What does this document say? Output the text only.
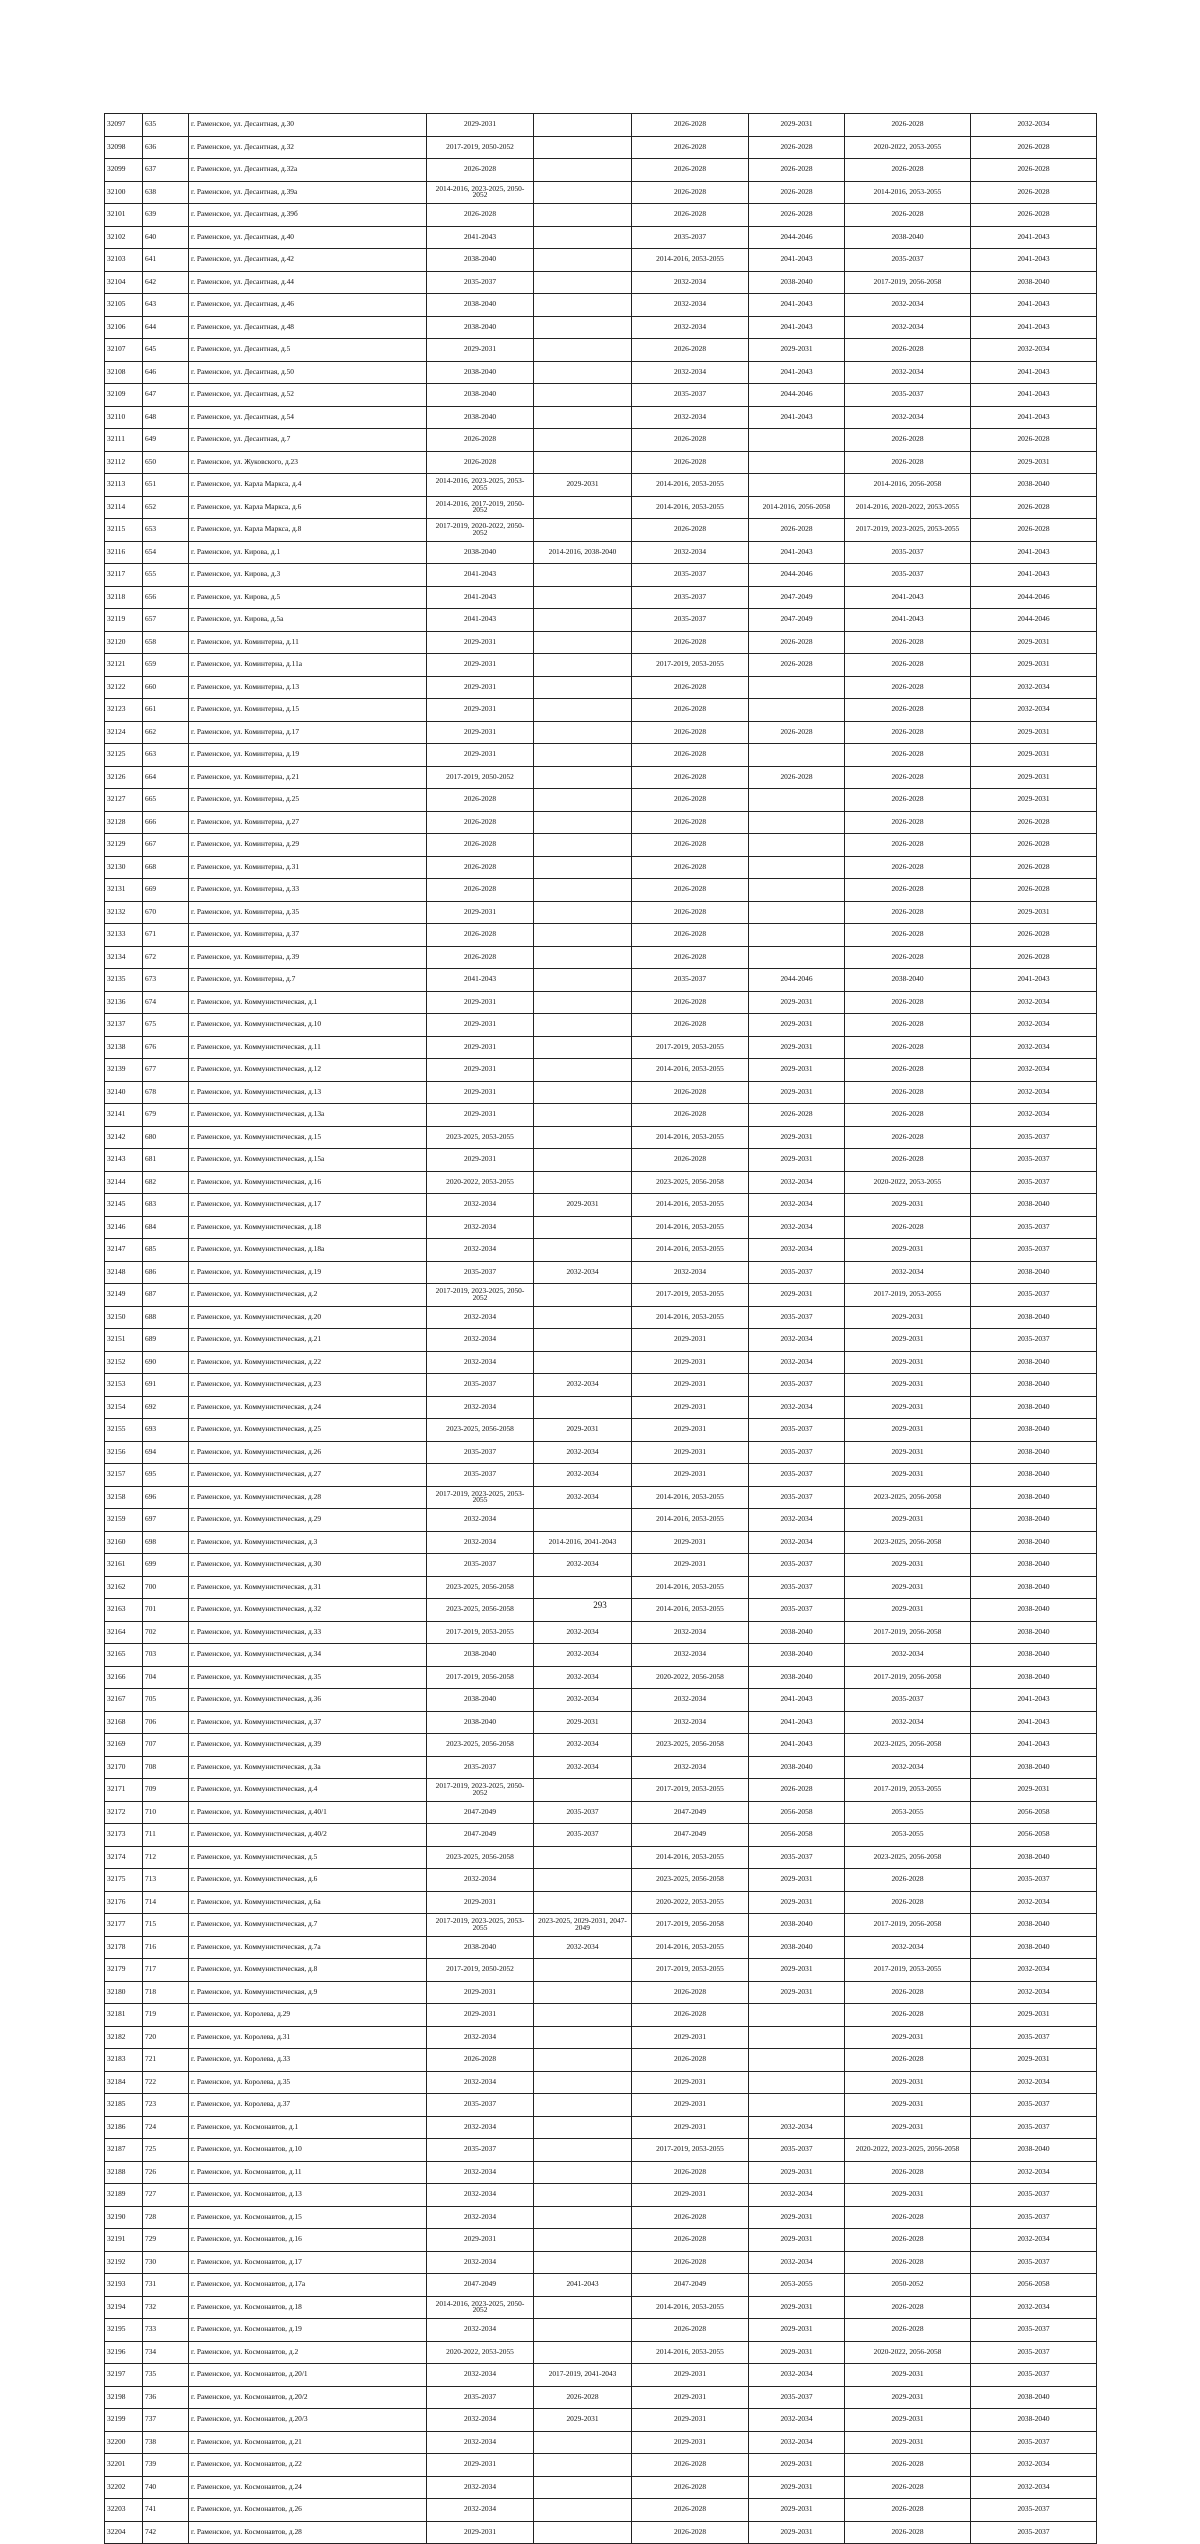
32097	635	г. Раменское, ул. Десантная, д.30	2029-2031		2026-2028	2029-2031	2026-2028	2032-2034
32098	636	г. Раменское, ул. Десантная, д.32	2017-2019, 2050-2052		2026-2028	2026-2028	2020-2022, 2053-2055	2026-2028
32099	637	г. Раменское, ул. Десантная, д.32а	2026-2028		2026-2028	2026-2028	2026-2028	2026-2028
32100	638	г. Раменское, ул. Десантная, д.39а	2014-2016, 2023-2025, 2050-2052		2026-2028	2026-2028	2014-2016, 2053-2055	2026-2028
32101	639	г. Раменское, ул. Десантная, д.39б	2026-2028		2026-2028	2026-2028	2026-2028	2026-2028
32102	640	г. Раменское, ул. Десантная, д.40	2041-2043		2035-2037	2044-2046	2038-2040	2041-2043
32103	641	г. Раменское, ул. Десантная, д.42	2038-2040		2014-2016, 2053-2055	2041-2043	2035-2037	2041-2043
32104	642	г. Раменское, ул. Десантная, д.44	2035-2037		2032-2034	2038-2040	2017-2019, 2056-2058	2038-2040
32105	643	г. Раменское, ул. Десантная, д.46	2038-2040		2032-2034	2041-2043	2032-2034	2041-2043
32106	644	г. Раменское, ул. Десантная, д.48	2038-2040		2032-2034	2041-2043	2032-2034	2041-2043
32107	645	г. Раменское, ул. Десантная, д.5	2029-2031		2026-2028	2029-2031	2026-2028	2032-2034
32108	646	г. Раменское, ул. Десантная, д.50	2038-2040		2032-2034	2041-2043	2032-2034	2041-2043
32109	647	г. Раменское, ул. Десантная, д.52	2038-2040		2035-2037	2044-2046	2035-2037	2041-2043
32110	648	г. Раменское, ул. Десантная, д.54	2038-2040		2032-2034	2041-2043	2032-2034	2041-2043
32111	649	г. Раменское, ул. Десантная, д.7	2026-2028		2026-2028		2026-2028	2026-2028
32112	650	г. Раменское, ул. Жуковского, д.23	2026-2028		2026-2028		2026-2028	2029-2031
32113	651	г. Раменское, ул. Карла Маркса, д.4	2014-2016, 2023-2025, 2053-2055	2029-2031	2014-2016, 2053-2055		2014-2016, 2056-2058	2038-2040
32114	652	г. Раменское, ул. Карла Маркса, д.6	2014-2016, 2017-2019, 2050-2052		2014-2016, 2053-2055	2014-2016, 2056-2058	2014-2016, 2020-2022, 2053-2055	2026-2028
32115	653	г. Раменское, ул. Карла Маркса, д.8	2017-2019, 2020-2022, 2050-2052		2026-2028	2026-2028	2017-2019, 2023-2025, 2053-2055	2026-2028
32116	654	г. Раменское, ул. Кирова, д.1	2038-2040	2014-2016, 2038-2040	2032-2034	2041-2043	2035-2037	2041-2043
32117	655	г. Раменское, ул. Кирова, д.3	2041-2043		2035-2037	2044-2046	2035-2037	2041-2043
32118	656	г. Раменское, ул. Кирова, д.5	2041-2043		2035-2037	2047-2049	2041-2043	2044-2046
32119	657	г. Раменское, ул. Кирова, д.5а	2041-2043		2035-2037	2047-2049	2041-2043	2044-2046
32120	658	г. Раменское, ул. Коминтерна, д.11	2029-2031		2026-2028	2026-2028	2026-2028	2029-2031
32121	659	г. Раменское, ул. Коминтерна, д.11а	2029-2031		2017-2019, 2053-2055	2026-2028	2026-2028	2029-2031
32122	660	г. Раменское, ул. Коминтерна, д.13	2029-2031		2026-2028		2026-2028	2032-2034
32123	661	г. Раменское, ул. Коминтерна, д.15	2029-2031		2026-2028		2026-2028	2032-2034
32124	662	г. Раменское, ул. Коминтерна, д.17	2029-2031		2026-2028	2026-2028	2026-2028	2029-2031
32125	663	г. Раменское, ул. Коминтерна, д.19	2029-2031		2026-2028		2026-2028	2029-2031
32126	664	г. Раменское, ул. Коминтерна, д.21	2017-2019, 2050-2052		2026-2028	2026-2028	2026-2028	2029-2031
32127	665	г. Раменское, ул. Коминтерна, д.25	2026-2028		2026-2028		2026-2028	2029-2031
32128	666	г. Раменское, ул. Коминтерна, д.27	2026-2028		2026-2028		2026-2028	2026-2028
32129	667	г. Раменское, ул. Коминтерна, д.29	2026-2028		2026-2028		2026-2028	2026-2028
32130	668	г. Раменское, ул. Коминтерна, д.31	2026-2028		2026-2028		2026-2028	2026-2028
32131	669	г. Раменское, ул. Коминтерна, д.33	2026-2028		2026-2028		2026-2028	2026-2028
32132	670	г. Раменское, ул. Коминтерна, д.35	2029-2031		2026-2028		2026-2028	2029-2031
32133	671	г. Раменское, ул. Коминтерна, д.37	2026-2028		2026-2028		2026-2028	2026-2028
32134	672	г. Раменское, ул. Коминтерна, д.39	2026-2028		2026-2028		2026-2028	2026-2028
32135	673	г. Раменское, ул. Коминтерна, д.7	2041-2043		2035-2037	2044-2046	2038-2040	2041-2043
32136	674	г. Раменское, ул. Коммунистическая, д.1	2029-2031		2026-2028	2029-2031	2026-2028	2032-2034
32137	675	г. Раменское, ул. Коммунистическая, д.10	2029-2031		2026-2028	2029-2031	2026-2028	2032-2034
32138	676	г. Раменское, ул. Коммунистическая, д.11	2029-2031		2017-2019, 2053-2055	2029-2031	2026-2028	2032-2034
32139	677	г. Раменское, ул. Коммунистическая, д.12	2029-2031		2014-2016, 2053-2055	2029-2031	2026-2028	2032-2034
32140	678	г. Раменское, ул. Коммунистическая, д.13	2029-2031		2026-2028	2029-2031	2026-2028	2032-2034
32141	679	г. Раменское, ул. Коммунистическая, д.13а	2029-2031		2026-2028	2026-2028	2026-2028	2032-2034
32142	680	г. Раменское, ул. Коммунистическая, д.15	2023-2025, 2053-2055		2014-2016, 2053-2055	2029-2031	2026-2028	2035-2037
32143	681	г. Раменское, ул. Коммунистическая, д.15а	2029-2031		2026-2028	2029-2031	2026-2028	2035-2037
32144	682	г. Раменское, ул. Коммунистическая, д.16	2020-2022, 2053-2055		2023-2025, 2056-2058	2032-2034	2020-2022, 2053-2055	2035-2037
32145	683	г. Раменское, ул. Коммунистическая, д.17	2032-2034	2029-2031	2014-2016, 2053-2055	2032-2034	2029-2031	2038-2040
32146	684	г. Раменское, ул. Коммунистическая, д.18	2032-2034		2014-2016, 2053-2055	2032-2034	2026-2028	2035-2037
32147	685	г. Раменское, ул. Коммунистическая, д.18а	2032-2034		2014-2016, 2053-2055	2032-2034	2029-2031	2035-2037
32148	686	г. Раменское, ул. Коммунистическая, д.19	2035-2037	2032-2034	2032-2034	2035-2037	2032-2034	2038-2040
32149	687	г. Раменское, ул. Коммунистическая, д.2	2017-2019, 2023-2025, 2050-2052		2017-2019, 2053-2055	2029-2031	2017-2019, 2053-2055	2035-2037
32150	688	г. Раменское, ул. Коммунистическая, д.20	2032-2034		2014-2016, 2053-2055	2035-2037	2029-2031	2038-2040
32151	689	г. Раменское, ул. Коммунистическая, д.21	2032-2034		2029-2031	2032-2034	2029-2031	2035-2037
32152	690	г. Раменское, ул. Коммунистическая, д.22	2032-2034		2029-2031	2032-2034	2029-2031	2038-2040
32153	691	г. Раменское, ул. Коммунистическая, д.23	2035-2037	2032-2034	2029-2031	2035-2037	2029-2031	2038-2040
32154	692	г. Раменское, ул. Коммунистическая, д.24	2032-2034		2029-2031	2032-2034	2029-2031	2038-2040
32155	693	г. Раменское, ул. Коммунистическая, д.25	2023-2025, 2056-2058	2029-2031	2029-2031	2035-2037	2029-2031	2038-2040
32156	694	г. Раменское, ул. Коммунистическая, д.26	2035-2037	2032-2034	2029-2031	2035-2037	2029-2031	2038-2040
32157	695	г. Раменское, ул. Коммунистическая, д.27	2035-2037	2032-2034	2029-2031	2035-2037	2029-2031	2038-2040
32158	696	г. Раменское, ул. Коммунистическая, д.28	2017-2019, 2023-2025, 2053-2055	2032-2034	2014-2016, 2053-2055	2035-2037	2023-2025, 2056-2058	2038-2040
32159	697	г. Раменское, ул. Коммунистическая, д.29	2032-2034		2014-2016, 2053-2055	2032-2034	2029-2031	2038-2040
32160	698	г. Раменское, ул. Коммунистическая, д.3	2032-2034	2014-2016, 2041-2043	2029-2031	2032-2034	2023-2025, 2056-2058	2038-2040
32161	699	г. Раменское, ул. Коммунистическая, д.30	2035-2037	2032-2034	2029-2031	2035-2037	2029-2031	2038-2040
32162	700	г. Раменское, ул. Коммунистическая, д.31	2023-2025, 2056-2058		2014-2016, 2053-2055	2035-2037	2029-2031	2038-2040
32163	701	г. Раменское, ул. Коммунистическая, д.32	2023-2025, 2056-2058		2014-2016, 2053-2055	2035-2037	2029-2031	2038-2040
32164	702	г. Раменское, ул. Коммунистическая, д.33	2017-2019, 2053-2055	2032-2034	2032-2034	2038-2040	2017-2019, 2056-2058	2038-2040
32165	703	г. Раменское, ул. Коммунистическая, д.34	2038-2040	2032-2034	2032-2034	2038-2040	2032-2034	2038-2040
32166	704	г. Раменское, ул. Коммунистическая, д.35	2017-2019, 2056-2058	2032-2034	2020-2022, 2056-2058	2038-2040	2017-2019, 2056-2058	2038-2040
32167	705	г. Раменское, ул. Коммунистическая, д.36	2038-2040	2032-2034	2032-2034	2041-2043	2035-2037	2041-2043
32168	706	г. Раменское, ул. Коммунистическая, д.37	2038-2040	2029-2031	2032-2034	2041-2043	2032-2034	2041-2043
32169	707	г. Раменское, ул. Коммунистическая, д.39	2023-2025, 2056-2058	2032-2034	2023-2025, 2056-2058	2041-2043	2023-2025, 2056-2058	2041-2043
32170	708	г. Раменское, ул. Коммунистическая, д.3а	2035-2037	2032-2034	2032-2034	2038-2040	2032-2034	2038-2040
32171	709	г. Раменское, ул. Коммунистическая, д.4	2017-2019, 2023-2025, 2050-2052		2017-2019, 2053-2055	2026-2028	2017-2019, 2053-2055	2029-2031
32172	710	г. Раменское, ул. Коммунистическая, д.40/1	2047-2049	2035-2037	2047-2049	2056-2058	2053-2055	2056-2058
32173	711	г. Раменское, ул. Коммунистическая, д.40/2	2047-2049	2035-2037	2047-2049	2056-2058	2053-2055	2056-2058
32174	712	г. Раменское, ул. Коммунистическая, д.5	2023-2025, 2056-2058		2014-2016, 2053-2055	2035-2037	2023-2025, 2056-2058	2038-2040
32175	713	г. Раменское, ул. Коммунистическая, д.6	2032-2034		2023-2025, 2056-2058	2029-2031	2026-2028	2035-2037
32176	714	г. Раменское, ул. Коммунистическая, д.6а	2029-2031		2020-2022, 2053-2055	2029-2031	2026-2028	2032-2034
32177	715	г. Раменское, ул. Коммунистическая, д.7	2017-2019, 2023-2025, 2053-2055	2023-2025, 2029-2031, 2047-2049	2017-2019, 2056-2058	2038-2040	2017-2019, 2056-2058	2038-2040
32178	716	г. Раменское, ул. Коммунистическая, д.7а	2038-2040	2032-2034	2014-2016, 2053-2055	2038-2040	2032-2034	2038-2040
32179	717	г. Раменское, ул. Коммунистическая, д.8	2017-2019, 2050-2052		2017-2019, 2053-2055	2029-2031	2017-2019, 2053-2055	2032-2034
32180	718	г. Раменское, ул. Коммунистическая, д.9	2029-2031		2026-2028	2029-2031	2026-2028	2032-2034
32181	719	г. Раменское, ул. Королева, д.29	2029-2031		2026-2028		2026-2028	2029-2031
32182	720	г. Раменское, ул. Королева, д.31	2032-2034		2029-2031		2029-2031	2035-2037
32183	721	г. Раменское, ул. Королева, д.33	2026-2028		2026-2028		2026-2028	2029-2031
32184	722	г. Раменское, ул. Королева, д.35	2032-2034		2029-2031		2029-2031	2032-2034
32185	723	г. Раменское, ул. Королева, д.37	2035-2037		2029-2031		2029-2031	2035-2037
32186	724	г. Раменское, ул. Космонавтов, д.1	2032-2034		2029-2031	2032-2034	2029-2031	2035-2037
32187	725	г. Раменское, ул. Космонавтов, д.10	2035-2037		2017-2019, 2053-2055	2035-2037	2020-2022, 2023-2025, 2056-2058	2038-2040
32188	726	г. Раменское, ул. Космонавтов, д.11	2032-2034		2026-2028	2029-2031	2026-2028	2032-2034
32189	727	г. Раменское, ул. Космонавтов, д.13	2032-2034		2029-2031	2032-2034	2029-2031	2035-2037
32190	728	г. Раменское, ул. Космонавтов, д.15	2032-2034		2026-2028	2029-2031	2026-2028	2035-2037
32191	729	г. Раменское, ул. Космонавтов, д.16	2029-2031		2026-2028	2029-2031	2026-2028	2032-2034
32192	730	г. Раменское, ул. Космонавтов, д.17	2032-2034		2026-2028	2032-2034	2026-2028	2035-2037
32193	731	г. Раменское, ул. Космонавтов, д.17а	2047-2049	2041-2043	2047-2049	2053-2055	2050-2052	2056-2058
32194	732	г. Раменское, ул. Космонавтов, д.18	2014-2016, 2023-2025, 2050-2052		2014-2016, 2053-2055	2029-2031	2026-2028	2032-2034
32195	733	г. Раменское, ул. Космонавтов, д.19	2032-2034		2026-2028	2029-2031	2026-2028	2035-2037
32196	734	г. Раменское, ул. Космонавтов, д.2	2020-2022, 2053-2055		2014-2016, 2053-2055	2029-2031	2020-2022, 2056-2058	2035-2037
32197	735	г. Раменское, ул. Космонавтов, д.20/1	2032-2034	2017-2019, 2041-2043	2029-2031	2032-2034	2029-2031	2035-2037
32198	736	г. Раменское, ул. Космонавтов, д.20/2	2035-2037	2026-2028	2029-2031	2035-2037	2029-2031	2038-2040
32199	737	г. Раменское, ул. Космонавтов, д.20/3	2032-2034	2029-2031	2029-2031	2032-2034	2029-2031	2038-2040
32200	738	г. Раменское, ул. Космонавтов, д.21	2032-2034		2029-2031	2032-2034	2029-2031	2035-2037
32201	739	г. Раменское, ул. Космонавтов, д.22	2029-2031		2026-2028	2029-2031	2026-2028	2032-2034
32202	740	г. Раменское, ул. Космонавтов, д.24	2032-2034		2026-2028	2029-2031	2026-2028	2032-2034
32203	741	г. Раменское, ул. Космонавтов, д.26	2032-2034		2026-2028	2029-2031	2026-2028	2035-2037
32204	742	г. Раменское, ул. Космонавтов, д.28	2029-2031		2026-2028	2029-2031	2026-2028	2035-2037
293
